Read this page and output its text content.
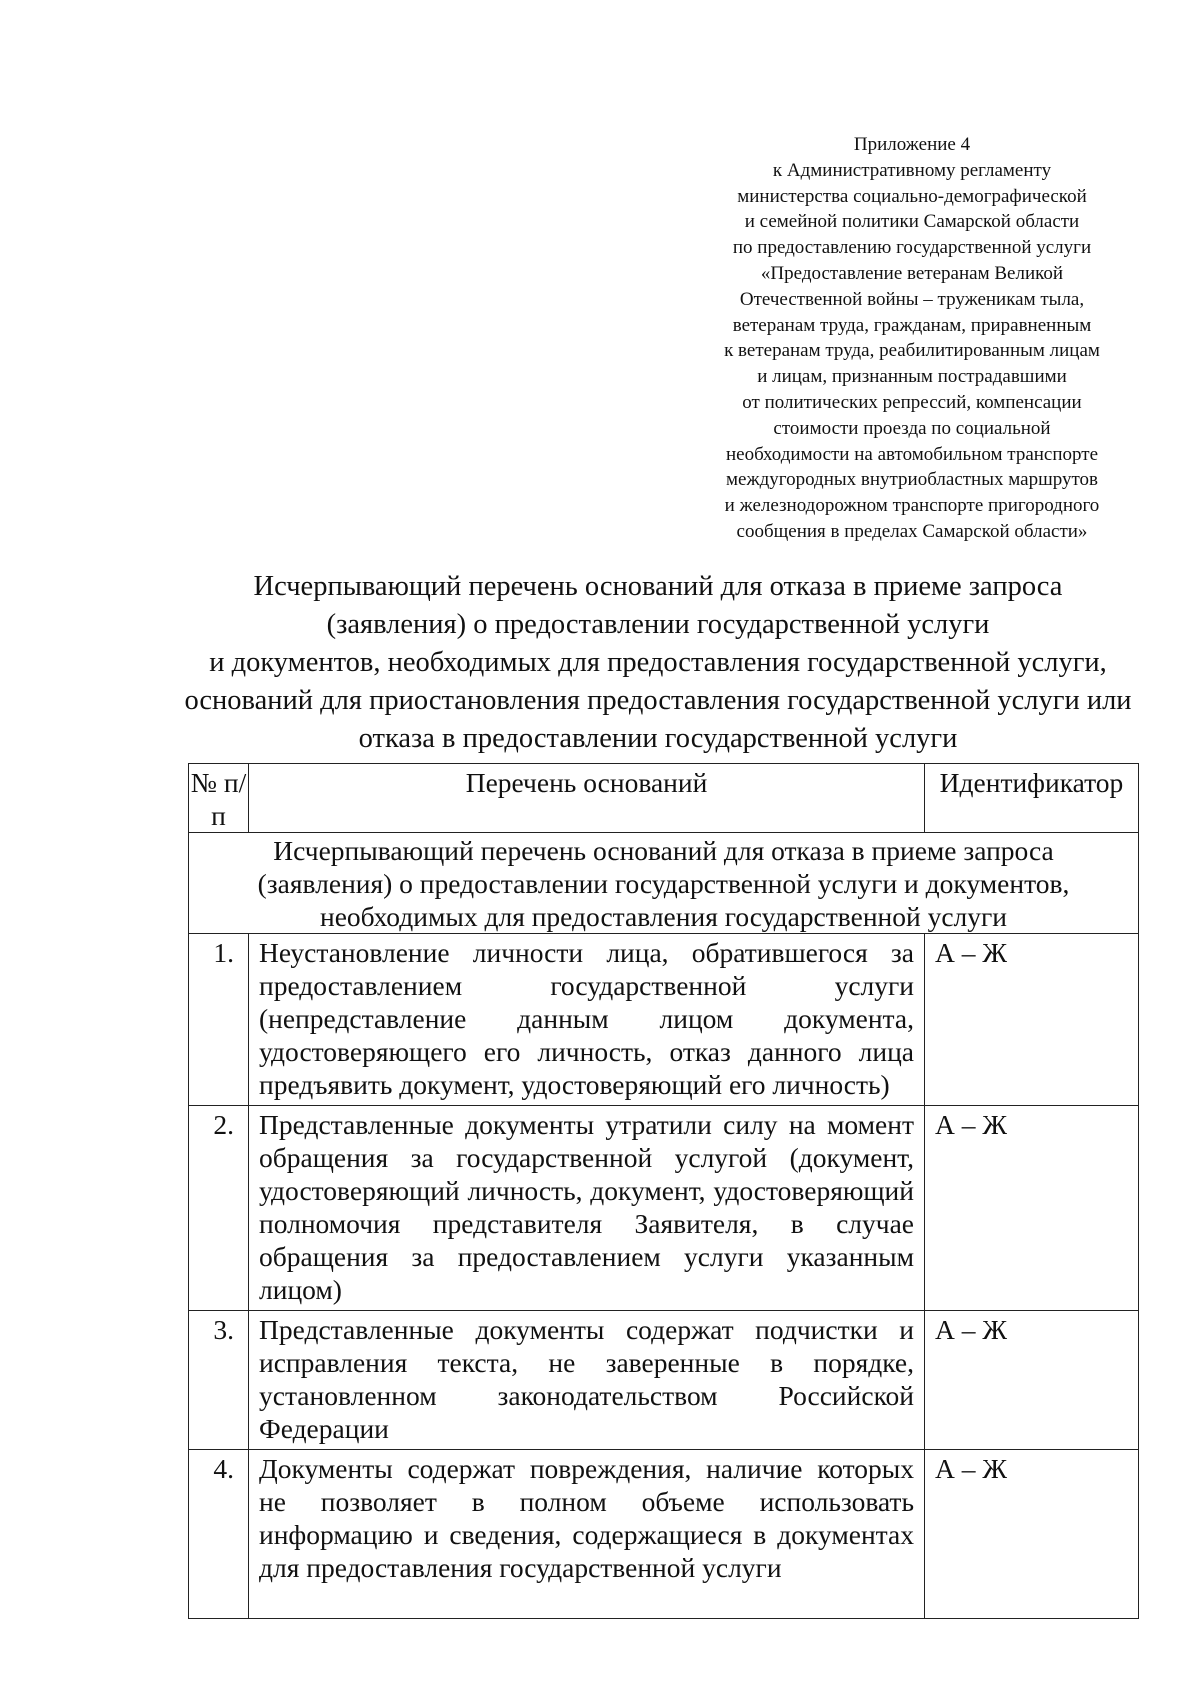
Приложение 4
к Административному регламенту
министерства социально-демографической
и семейной политики Самарской области
по предоставлению государственной услуги
«Предоставление ветеранам Великой
Отечественной войны – труженикам тыла,
ветеранам труда, гражданам, приравненным
к ветеранам труда, реабилитированным лицам
и лицам, признанным пострадавшими
от политических репрессий, компенсации
стоимости проезда по социальной
необходимости на автомобильном транспорте
междугородных внутриобластных маршрутов
и железнодорожном транспорте пригородного
сообщения в пределах Самарской области»
Исчерпывающий перечень оснований для отказа в приеме запроса
(заявления) о предоставлении государственной услуги
и документов, необходимых для предоставления государственной услуги,
оснований для приостановления предоставления государственной услуги или
отказа в предоставлении государственной услуги
№ п/п	Перечень оснований	Идентификатор

Исчерпывающий перечень оснований для отказа в приеме запроса
(заявления) о предоставлении государственной услуги и документов,
необходимых для предоставления государственной услуги		

1.	Неустановление личности лица, обратившегося за предоставлением государственной услуги (непредставление данным лицом документа, удостоверяющего его личность, отказ данного лица предъявить документ, удостоверяющий его личность)	А – Ж
2.	Представленные документы утратили силу на момент обращения за государственной услугой (документ, удостоверяющий личность, документ, удостоверяющий полномочия представителя Заявителя, в случае обращения за предоставлением услуги указанным лицом)	А – Ж
3.	Представленные документы содержат подчистки и исправления текста, не заверенные в порядке, установленном законодательством Российской Федерации	А – Ж
4.	Документы содержат повреждения, наличие которых не позволяет в полном объеме использовать информацию и сведения, содержащиеся в документах для предоставления государственной услуги	А – Ж
